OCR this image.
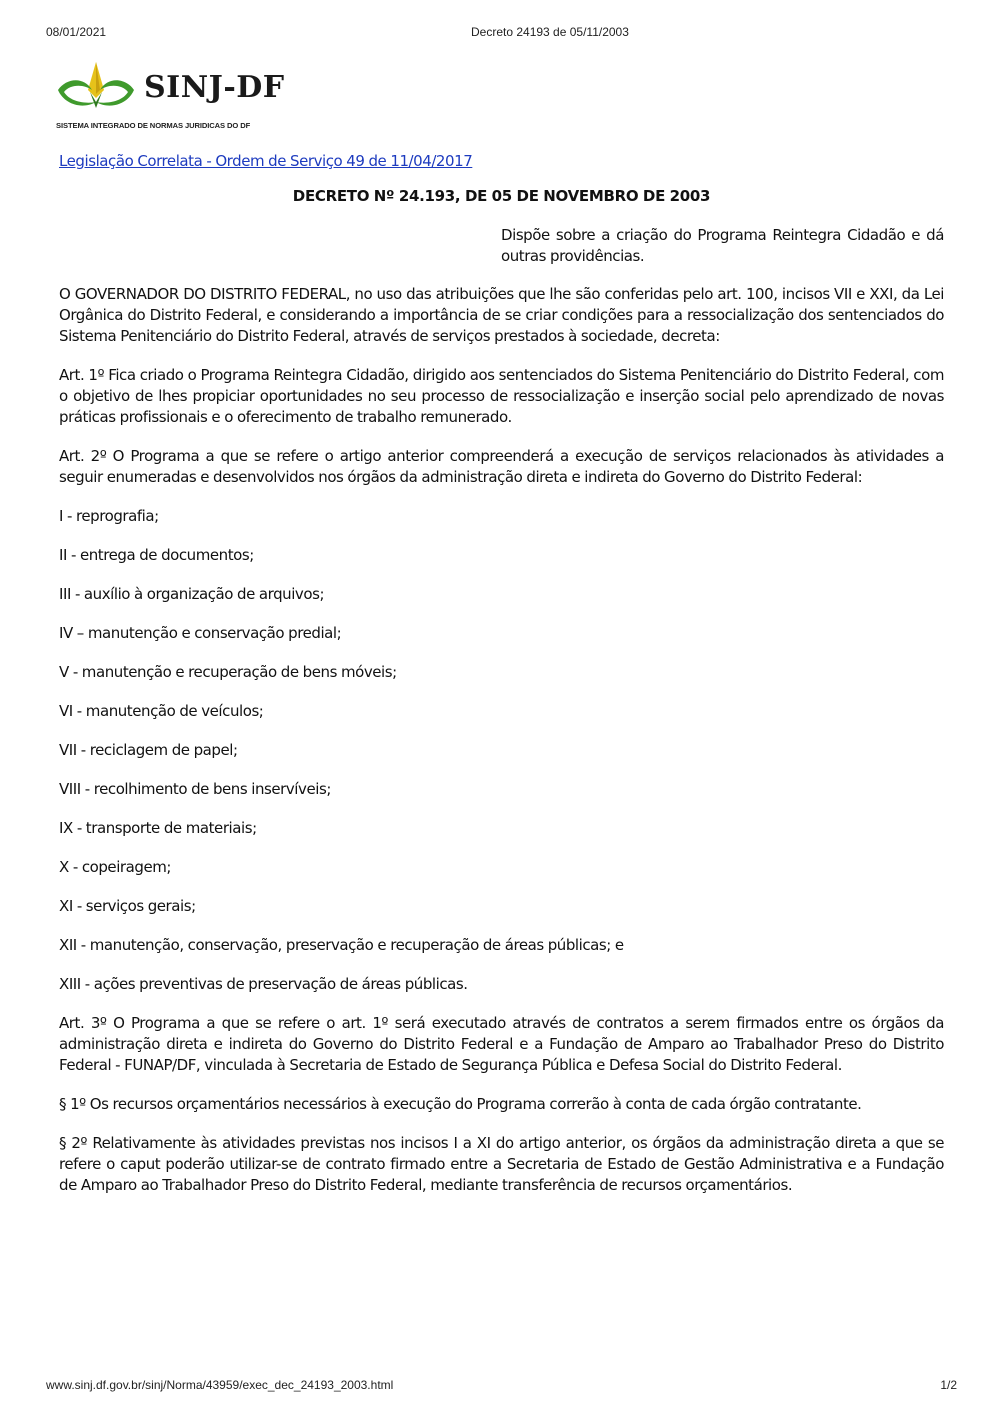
08/01/2021	Decreto 24193 de 05/11/2003
SINJ-DF
SISTEMA INTEGRADO DE NORMAS JURIDICAS DO DF
Legislação Correlata - Ordem de Serviço 49 de 11/04/2017
DECRETO Nº 24.193, DE 05 DE NOVEMBRO DE 2003
Dispõe sobre a criação do Programa Reintegra Cidadão e dá outras providências.

O GOVERNADOR DO DISTRITO FEDERAL, no uso das atribuições que lhe são conferidas pelo art. 100, incisos VII e XXI, da Lei Orgânica do Distrito Federal, e considerando a importância de se criar condições para a ressocialização dos sentenciados do Sistema Penitenciário do Distrito Federal, através de serviços prestados à sociedade, decreta:

Art. 1º Fica criado o Programa Reintegra Cidadão, dirigido aos sentenciados do Sistema Penitenciário do Distrito Federal, com o objetivo de lhes propiciar oportunidades no seu processo de ressocialização e inserção social pelo aprendizado de novas práticas profissionais e o oferecimento de trabalho remunerado.

Art. 2º O Programa a que se refere o artigo anterior compreenderá a execução de serviços relacionados às atividades a seguir enumeradas e desenvolvidos nos órgãos da administração direta e indireta do Governo do Distrito Federal:

I - reprografia;
II - entrega de documentos;
III - auxílio à organização de arquivos;
IV – manutenção e conservação predial;
V - manutenção e recuperação de bens móveis;
VI - manutenção de veículos;
VII - reciclagem de papel;
VIII - recolhimento de bens inservíveis;
IX - transporte de materiais;
X - copeiragem;
XI - serviços gerais;
XII - manutenção, conservação, preservação e recuperação de áreas públicas; e
XIII - ações preventivas de preservação de áreas públicas.

Art. 3º O Programa a que se refere o art. 1º será executado através de contratos a serem firmados entre os órgãos da administração direta e indireta do Governo do Distrito Federal e a Fundação de Amparo ao Trabalhador Preso do Distrito Federal - FUNAP/DF, vinculada à Secretaria de Estado de Segurança Pública e Defesa Social do Distrito Federal.

§ 1º Os recursos orçamentários necessários à execução do Programa correrão à conta de cada órgão contratante.

§ 2º Relativamente às atividades previstas nos incisos I a XI do artigo anterior, os órgãos da administração direta a que se refere o caput poderão utilizar-se de contrato firmado entre a Secretaria de Estado de Gestão Administrativa e a Fundação de Amparo ao Trabalhador Preso do Distrito Federal, mediante transferência de recursos orçamentários.

www.sinj.df.gov.br/sinj/Norma/43959/exec_dec_24193_2003.html	1/2
